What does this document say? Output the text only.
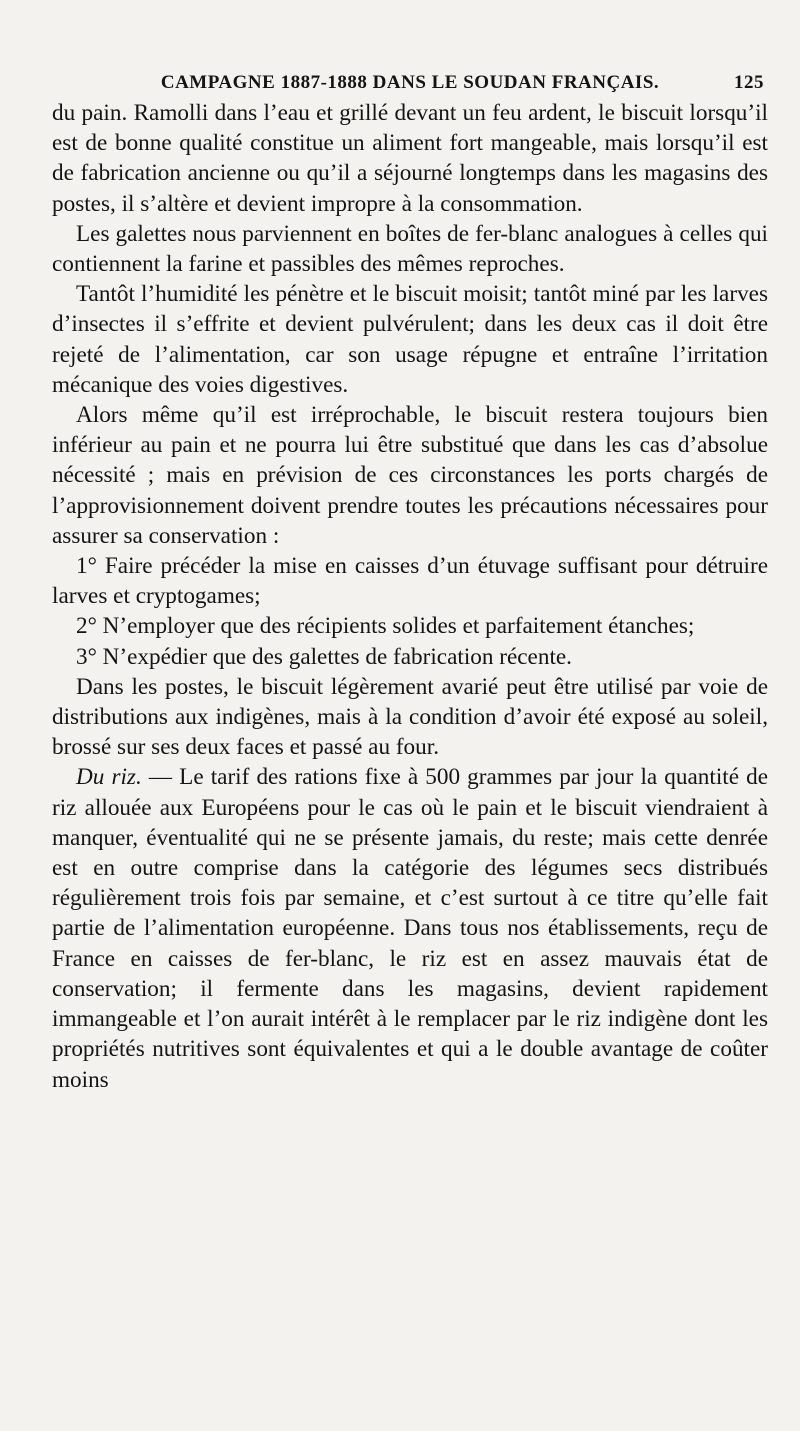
CAMPAGNE 1887-1888 DANS LE SOUDAN FRANÇAIS.	125

du pain. Ramolli dans l’eau et grillé devant un feu ardent, le biscuit lorsqu’il est de bonne qualité constitue un aliment fort mangeable, mais lorsqu’il est de fabrication ancienne ou qu’il a séjourné longtemps dans les magasins des postes, il s’altère et devient impropre à la consommation.

Les galettes nous parviennent en boîtes de fer-blanc analogues à celles qui contiennent la farine et passibles des mêmes reproches.

Tantôt l’humidité les pénètre et le biscuit moisit; tantôt miné par les larves d’insectes il s’effrite et devient pulvérulent; dans les deux cas il doit être rejeté de l’alimentation, car son usage répugne et entraîne l’irritation mécanique des voies digestives.

Alors même qu’il est irréprochable, le biscuit restera toujours bien inférieur au pain et ne pourra lui être substitué que dans les cas d’absolue nécessité ; mais en prévision de ces circonstances les ports chargés de l’approvisionnement doivent prendre toutes les précautions nécessaires pour assurer sa conservation :

1° Faire précéder la mise en caisses d’un étuvage suffisant pour détruire larves et cryptogames;

2° N’employer que des récipients solides et parfaitement étanches;

3° N’expédier que des galettes de fabrication récente.

Dans les postes, le biscuit légèrement avarié peut être utilisé par voie de distributions aux indigènes, mais à la condition d’avoir été exposé au soleil, brossé sur ses deux faces et passé au four.

Du riz. — Le tarif des rations fixe à 500 grammes par jour la quantité de riz allouée aux Européens pour le cas où le pain et le biscuit viendraient à manquer, éventualité qui ne se présente jamais, du reste; mais cette denrée est en outre comprise dans la catégorie des légumes secs distribués régulièrement trois fois par semaine, et c’est surtout à ce titre qu’elle fait partie de l’alimentation européenne. Dans tous nos établissements, reçu de France en caisses de fer-blanc, le riz est en assez mauvais état de conservation; il fermente dans les magasins, devient rapidement immangeable et l’on aurait intérêt à le remplacer par le riz indigène dont les propriétés nutritives sont équivalentes et qui a le double avantage de coûter moins
